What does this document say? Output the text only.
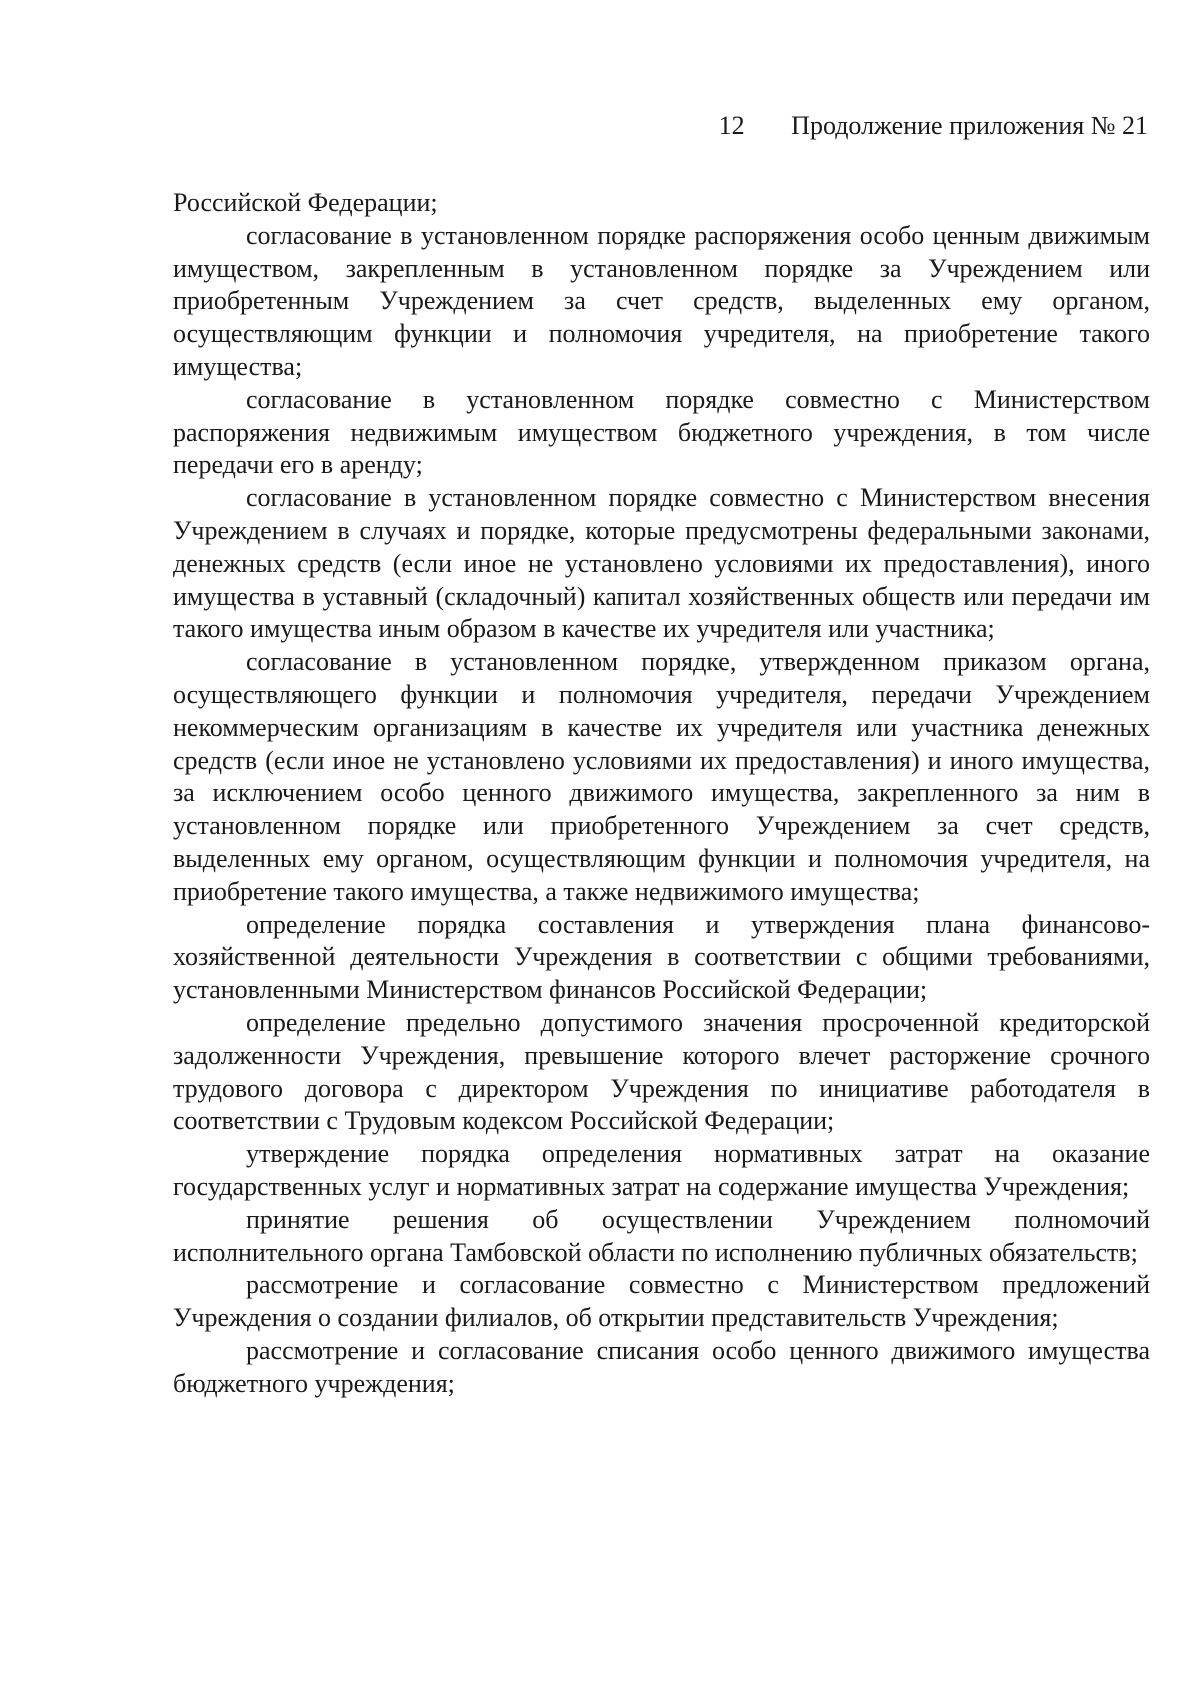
12 Продолжение приложения № 21

Российской Федерации;

согласование в установленном порядке распоряжения особо ценным движимым имуществом, закрепленным в установленном порядке за Учреждением или приобретенным Учреждением за счет средств, выделенных ему органом, осуществляющим функции и полномочия учредителя, на приобретение такого имущества;

согласование в установленном порядке совместно с Министерством распоряжения недвижимым имуществом бюджетного учреждения, в том числе передачи его в аренду;

согласование в установленном порядке совместно с Министерством внесения Учреждением в случаях и порядке, которые предусмотрены федеральными законами, денежных средств (если иное не установлено условиями их предоставления), иного имущества в уставный (складочный) капитал хозяйственных обществ или передачи им такого имущества иным образом в качестве их учредителя или участника;

согласование в установленном порядке, утвержденном приказом органа, осуществляющего функции и полномочия учредителя, передачи Учреждением некоммерческим организациям в качестве их учредителя или участника денежных средств (если иное не установлено условиями их предоставления) и иного имущества, за исключением особо ценного движимого имущества, закрепленного за ним в установленном порядке или приобретенного Учреждением за счет средств, выделенных ему органом, осуществляющим функции и полномочия учредителя, на приобретение такого имущества, а также недвижимого имущества;

определение порядка составления и утверждения плана финансово-хозяйственной деятельности Учреждения в соответствии с общими требованиями, установленными Министерством финансов Российской Федерации;

определение предельно допустимого значения просроченной кредиторской задолженности Учреждения, превышение которого влечет расторжение срочного трудового договора с директором Учреждения по инициативе работодателя в соответствии с Трудовым кодексом Российской Федерации;

утверждение порядка определения нормативных затрат на оказание государственных услуг и нормативных затрат на содержание имущества Учреждения;

принятие решения об осуществлении Учреждением полномочий исполнительного органа Тамбовской области по исполнению публичных обязательств;

рассмотрение и согласование совместно с Министерством предложений Учреждения о создании филиалов, об открытии представительств Учреждения;

рассмотрение и согласование списания особо ценного движимого имущества бюджетного учреждения;
